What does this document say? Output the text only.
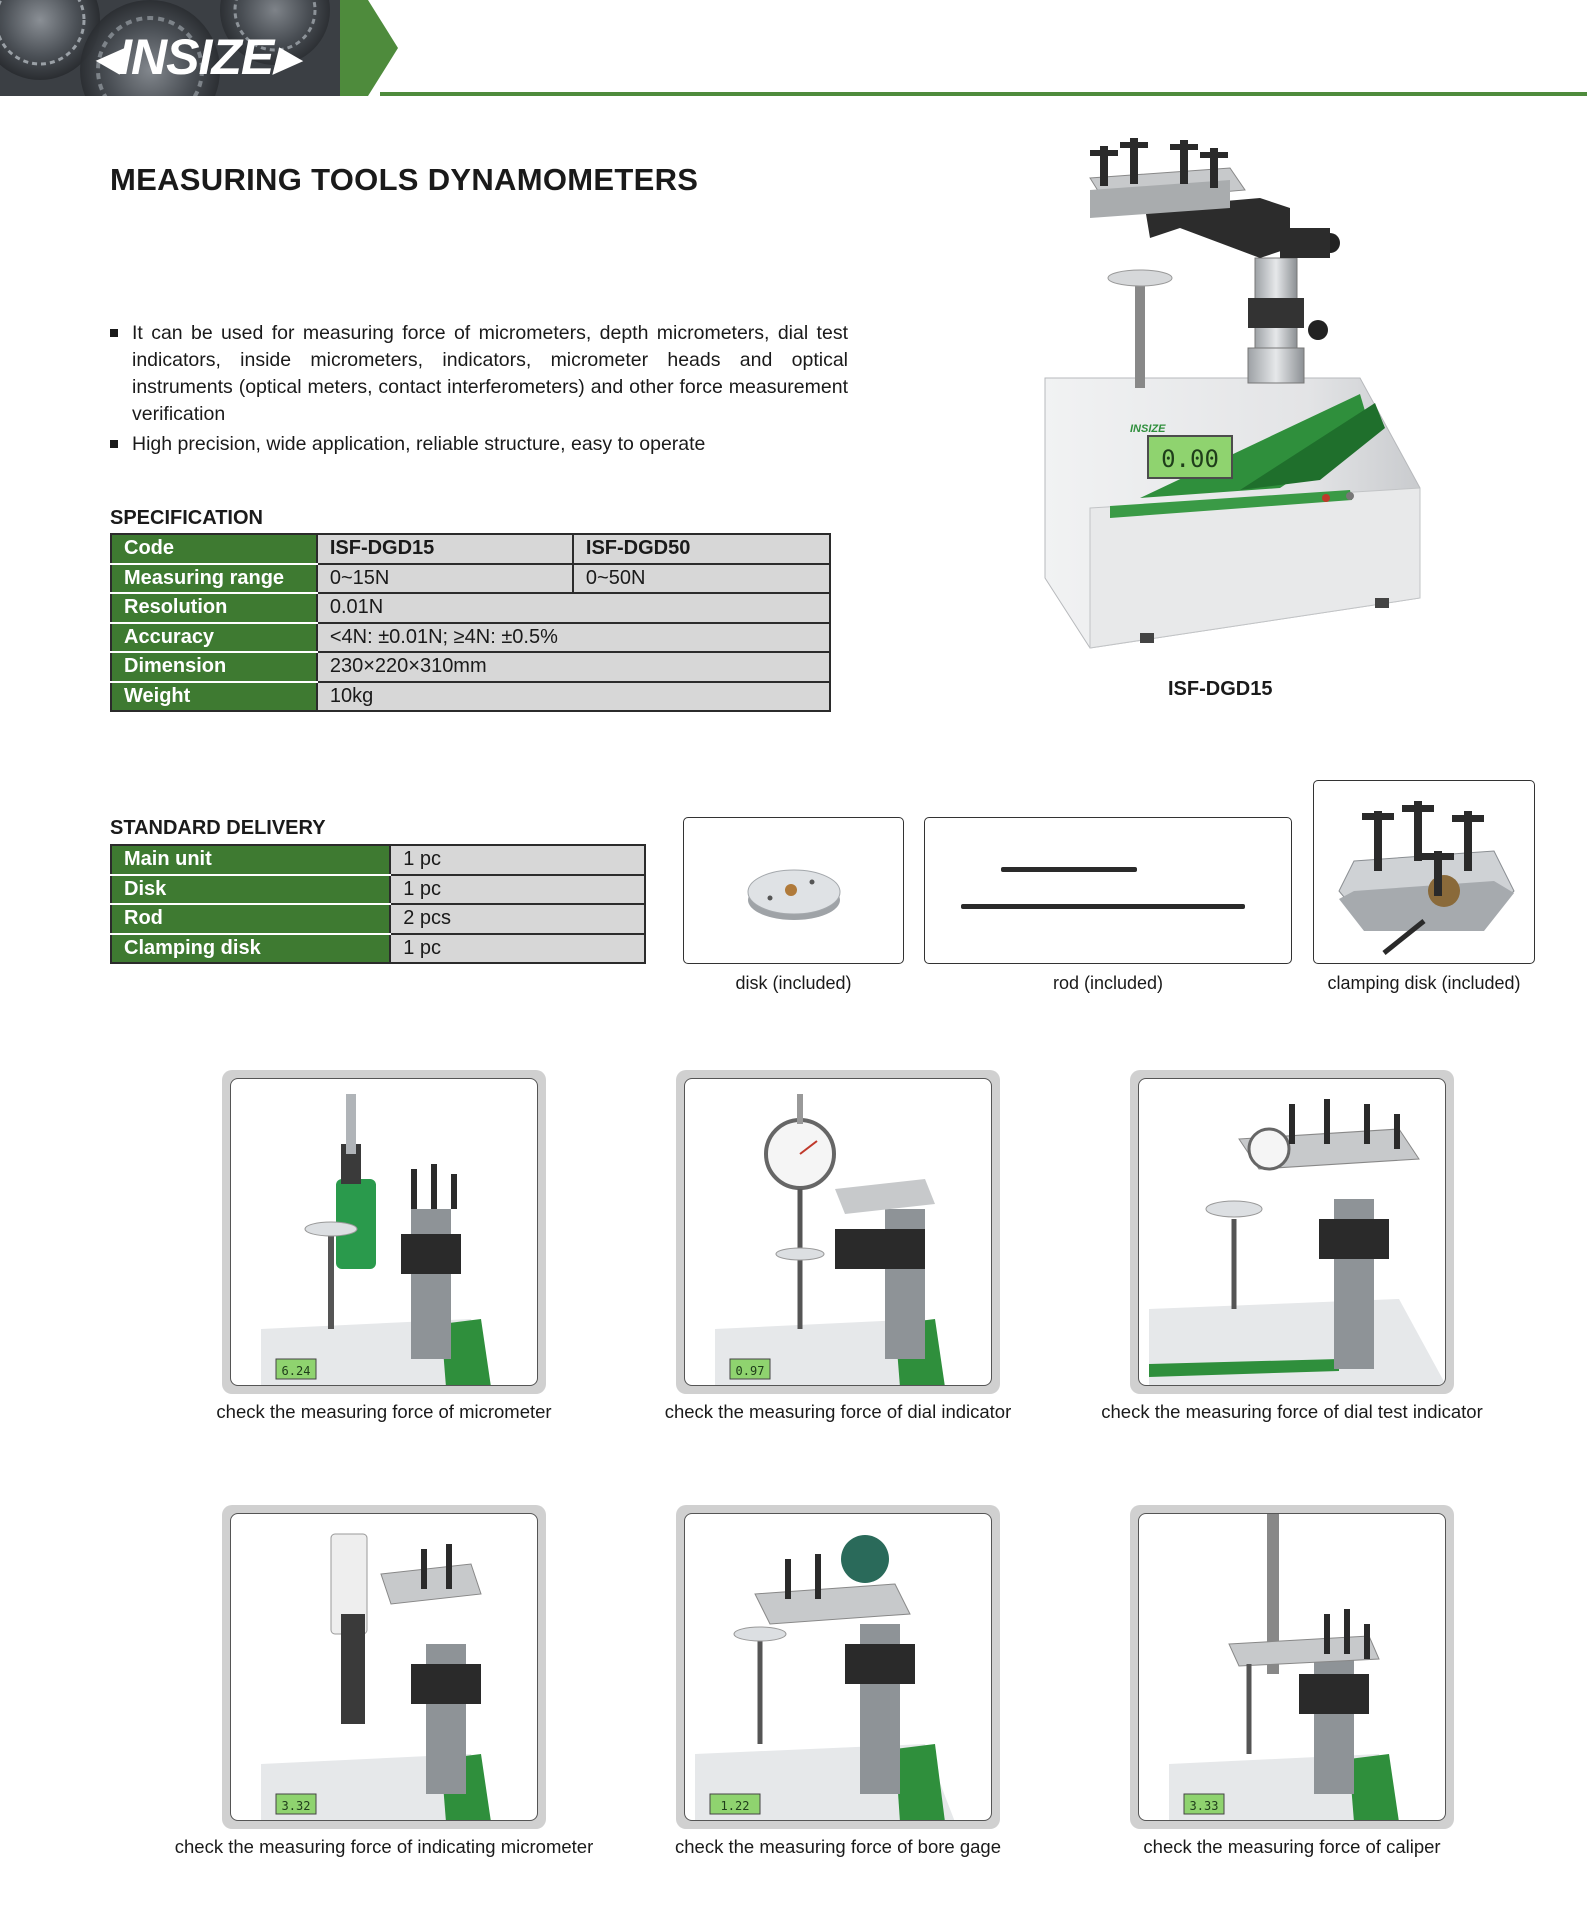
◂INSIZE▸
MEASURING TOOLS DYNAMOMETERS
It can be used for measuring force of micrometers, depth micrometers, dial test indicators, inside micrometers, indicators, micrometer heads and optical instruments (optical meters, contact interferometers) and other force measurement verification
High precision, wide application, reliable structure, easy to operate
SPECIFICATION
Code	ISF-DGD15	ISF-DGD50
Measuring range	0~15N	0~50N
Resolution	0.01N	
Accuracy	<4N: ±0.01N; ≥4N: ±0.5%	
Dimension	230×220×310mm	
Weight	10kg	
0.00
INSIZE
ISF-DGD15
STANDARD DELIVERY
Main unit	1 pc
Disk	1 pc
Rod	2 pcs
Clamping disk	1 pc
disk (included)	rod (included)	clamping disk (included)
6.24
check the measuring force of micrometer
0.97
check the measuring force of dial indicator	check the measuring force of dial test indicator
3.32
check the measuring force of indicating micrometer
1.22
check the measuring force of bore gage
3.33
check the measuring force of caliper
